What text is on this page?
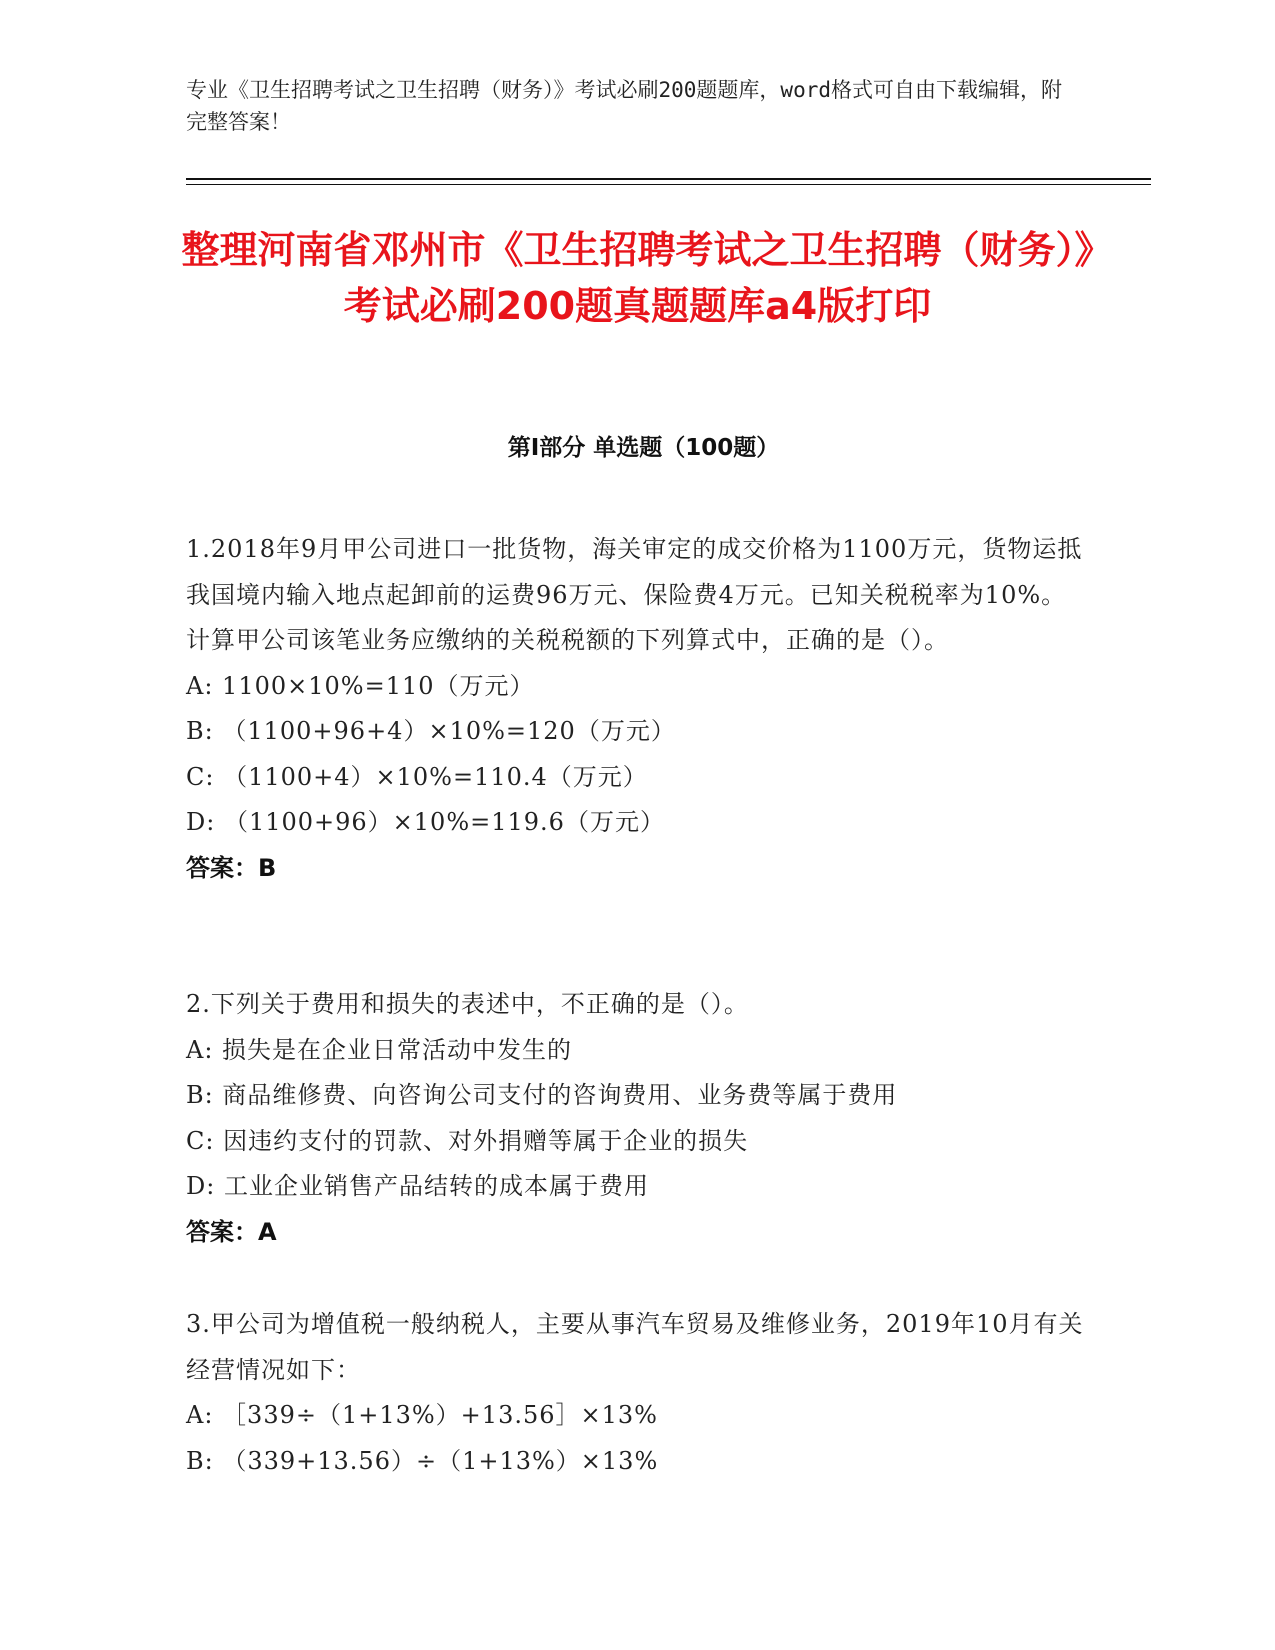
专业《卫生招聘考试之卫生招聘（财务）》考试必刷200题题库，word格式可自由下载编辑，附完整答案！
整理河南省邓州市《卫生招聘考试之卫生招聘（财务）》考试必刷200题真题题库a4版打印
第Ⅰ部分 单选题（100题）
1.2018年9月甲公司进口一批货物，海关审定的成交价格为1100万元，货物运抵我国境内输入地点起卸前的运费96万元、保险费4万元。已知关税税率为10%。计算甲公司该笔业务应缴纳的关税税额的下列算式中，正确的是（）。
A: 1100×10%=110（万元）
B: （1100+96+4）×10%=120（万元）
C: （1100+4）×10%=110.4（万元）
D: （1100+96）×10%=119.6（万元）
答案：B
2.下列关于费用和损失的表述中，不正确的是（）。
A: 损失是在企业日常活动中发生的
B: 商品维修费、向咨询公司支付的咨询费用、业务费等属于费用
C: 因违约支付的罚款、对外捐赠等属于企业的损失
D: 工业企业销售产品结转的成本属于费用
答案：A
3.甲公司为增值税一般纳税人，主要从事汽车贸易及维修业务，2019年10月有关经营情况如下：
A: ［339÷（1+13%）+13.56］×13%
B: （339+13.56）÷（1+13%）×13%
